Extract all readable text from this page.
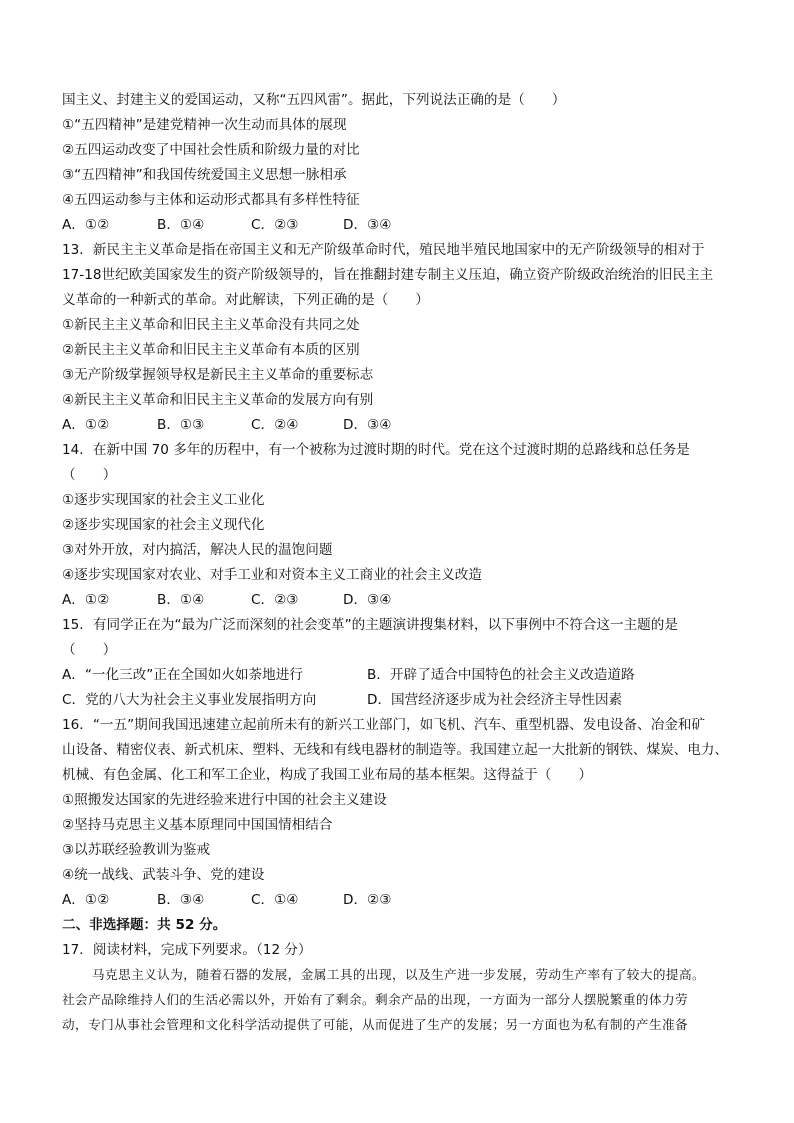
国主义、封建主义的爱国运动，又称“五四风雷”。据此，下列说法正确的是（　　）
①“五四精神”是建党精神一次生动而具体的展现
②五四运动改变了中国社会性质和阶级力量的对比
③“五四精神”和我国传统爱国主义思想一脉相承
④五四运动参与主体和运动形式都具有多样性特征
A．①②	B．①④	C．②③	D．③④
13．新民主主义革命是指在帝国主义和无产阶级革命时代，殖民地半殖民地国家中的无产阶级领导的相对于
17-18世纪欧美国家发生的资产阶级领导的，旨在推翻封建专制主义压迫，确立资产阶级政治统治的旧民主主
义革命的一种新式的革命。对此解读，下列正确的是（　　）
①新民主主义革命和旧民主主义革命没有共同之处
②新民主主义革命和旧民主主义革命有本质的区别
③无产阶级掌握领导权是新民主主义革命的重要标志
④新民主主义革命和旧民主主义革命的发展方向有别
A．①②	B．①③	C．②④	D．③④
14．在新中国 70 多年的历程中，有一个被称为过渡时期的时代。党在这个过渡时期的总路线和总任务是
（　　）
①逐步实现国家的社会主义工业化
②逐步实现国家的社会主义现代化
③对外开放，对内搞活，解决人民的温饱问题
④逐步实现国家对农业、对手工业和对资本主义工商业的社会主义改造
A．①②	B．①④	C．②③	D．③④
15．有同学正在为“最为广泛而深刻的社会变革”的主题演讲搜集材料，以下事例中不符合这一主题的是
（　　）
A．“一化三改”正在全国如火如荼地进行	B．开辟了适合中国特色的社会主义改造道路
C．党的八大为社会主义事业发展指明方向	D．国营经济逐步成为社会经济主导性因素
16．“一五”期间我国迅速建立起前所未有的新兴工业部门，如飞机、汽车、重型机器、发电设备、冶金和矿
山设备、精密仪表、新式机床、塑料、无线和有线电器材的制造等。我国建立起一大批新的钢铁、煤炭、电力、
机械、有色金属、化工和军工企业，构成了我国工业布局的基本框架。这得益于（　　）
①照搬发达国家的先进经验来进行中国的社会主义建设
②坚持马克思主义基本原理同中国国情相结合
③以苏联经验教训为鉴戒
④统一战线、武装斗争、党的建设
A．①②	B．③④	C．①④	D．②③
二、非选择题：共 52 分。
17．阅读材料，完成下列要求。（12 分）
马克思主义认为，随着石器的发展，金属工具的出现，以及生产进一步发展，劳动生产率有了较大的提高。
社会产品除维持人们的生活必需以外，开始有了剩余。剩余产品的出现，一方面为一部分人摆脱繁重的体力劳
动，专门从事社会管理和文化科学活动提供了可能，从而促进了生产的发展；另一方面也为私有制的产生准备
